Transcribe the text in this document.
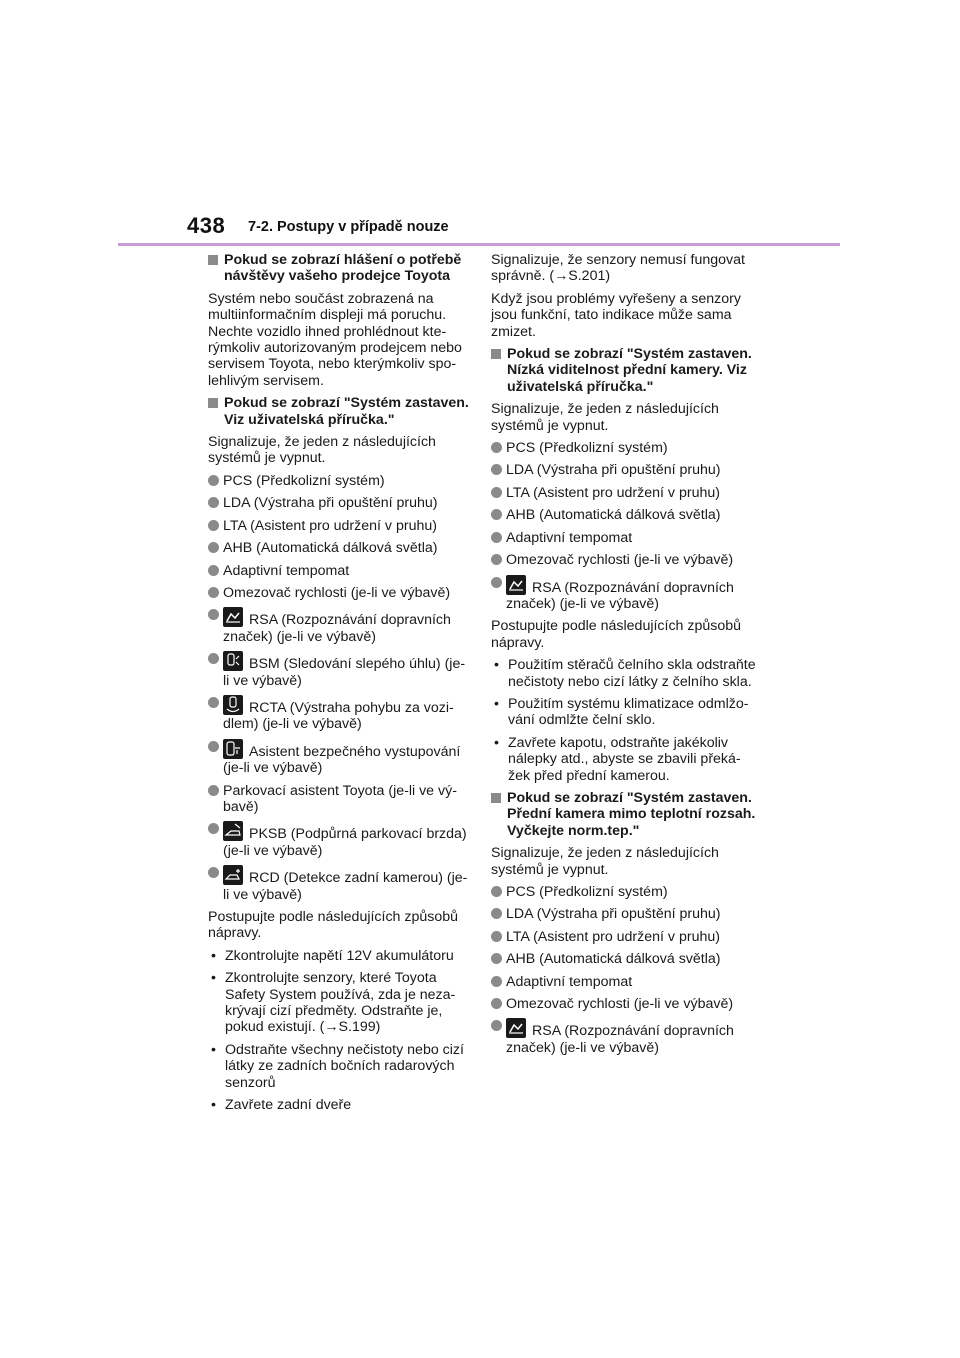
438 7-2. Postupy v případě nouze
Pokud se zobrazí hlášení o potřebě návštěvy vašeho prodejce Toyota
Systém nebo součást zobrazená na multiinformačním displeji má poruchu. Nechte vozidlo ihned prohlédnout kterýmkoliv autorizovaným prodejcem nebo servisem Toyota, nebo kterýmkoliv spolehlivým servisem.
Pokud se zobrazí "Systém zastaven. Viz uživatelská příručka."
Signalizuje, že jeden z následujících systémů je vypnut.
PCS (Předkolizní systém)
LDA (Výstraha při opuštění pruhu)
LTA (Asistent pro udržení v pruhu)
AHB (Automatická dálková světla)
Adaptivní tempomat
Omezovač rychlosti (je-li ve výbavě)
RSA (Rozpoznávání dopravních značek) (je-li ve výbavě)
BSM (Sledování slepého úhlu) (je-li ve výbavě)
RCTA (Výstraha pohybu za vozidlem) (je-li ve výbavě)
Asistent bezpečného vystupování (je-li ve výbavě)
Parkovací asistent Toyota (je-li ve výbavě)
PKSB (Podpůrná parkovací brzda) (je-li ve výbavě)
RCD (Detekce zadní kamerou) (je-li ve výbavě)
Postupujte podle následujících způsobů nápravy.
• Zkontrolujte napětí 12V akumulátoru
• Zkontrolujte senzory, které Toyota Safety System používá, zda je nezakrývají cizí předměty. Odstraňte je, pokud existují. (→S.199)
• Odstraňte všechny nečistoty nebo cizí látky ze zadních bočních radarových senzorů
• Zavřete zadní dveře
Signalizuje, že senzory nemusí fungovat správně. (→S.201)
Když jsou problémy vyřešeny a senzory jsou funkční, tato indikace může sama zmizet.
Pokud se zobrazí "Systém zastaven. Nízká viditelnost přední kamery. Viz uživatelská příručka."
Signalizuje, že jeden z následujících systémů je vypnut.
PCS (Předkolizní systém)
LDA (Výstraha při opuštění pruhu)
LTA (Asistent pro udržení v pruhu)
AHB (Automatická dálková světla)
Adaptivní tempomat
Omezovač rychlosti (je-li ve výbavě)
RSA (Rozpoznávání dopravních značek) (je-li ve výbavě)
Postupujte podle následujících způsobů nápravy.
• Použitím stěračů čelního skla odstraňte nečistoty nebo cizí látky z čelního skla.
• Použitím systému klimatizace odmlžování odmlžte čelní sklo.
• Zavřete kapotu, odstraňte jakékoliv nálepky atd., abyste se zbavili překážek před přední kamerou.
Pokud se zobrazí "Systém zastaven. Přední kamera mimo teplotní rozsah. Vyčkejte norm.tep."
Signalizuje, že jeden z následujících systémů je vypnut.
PCS (Předkolizní systém)
LDA (Výstraha při opuštění pruhu)
LTA (Asistent pro udržení v pruhu)
AHB (Automatická dálková světla)
Adaptivní tempomat
Omezovač rychlosti (je-li ve výbavě)
RSA (Rozpoznávání dopravních značek) (je-li ve výbavě)
